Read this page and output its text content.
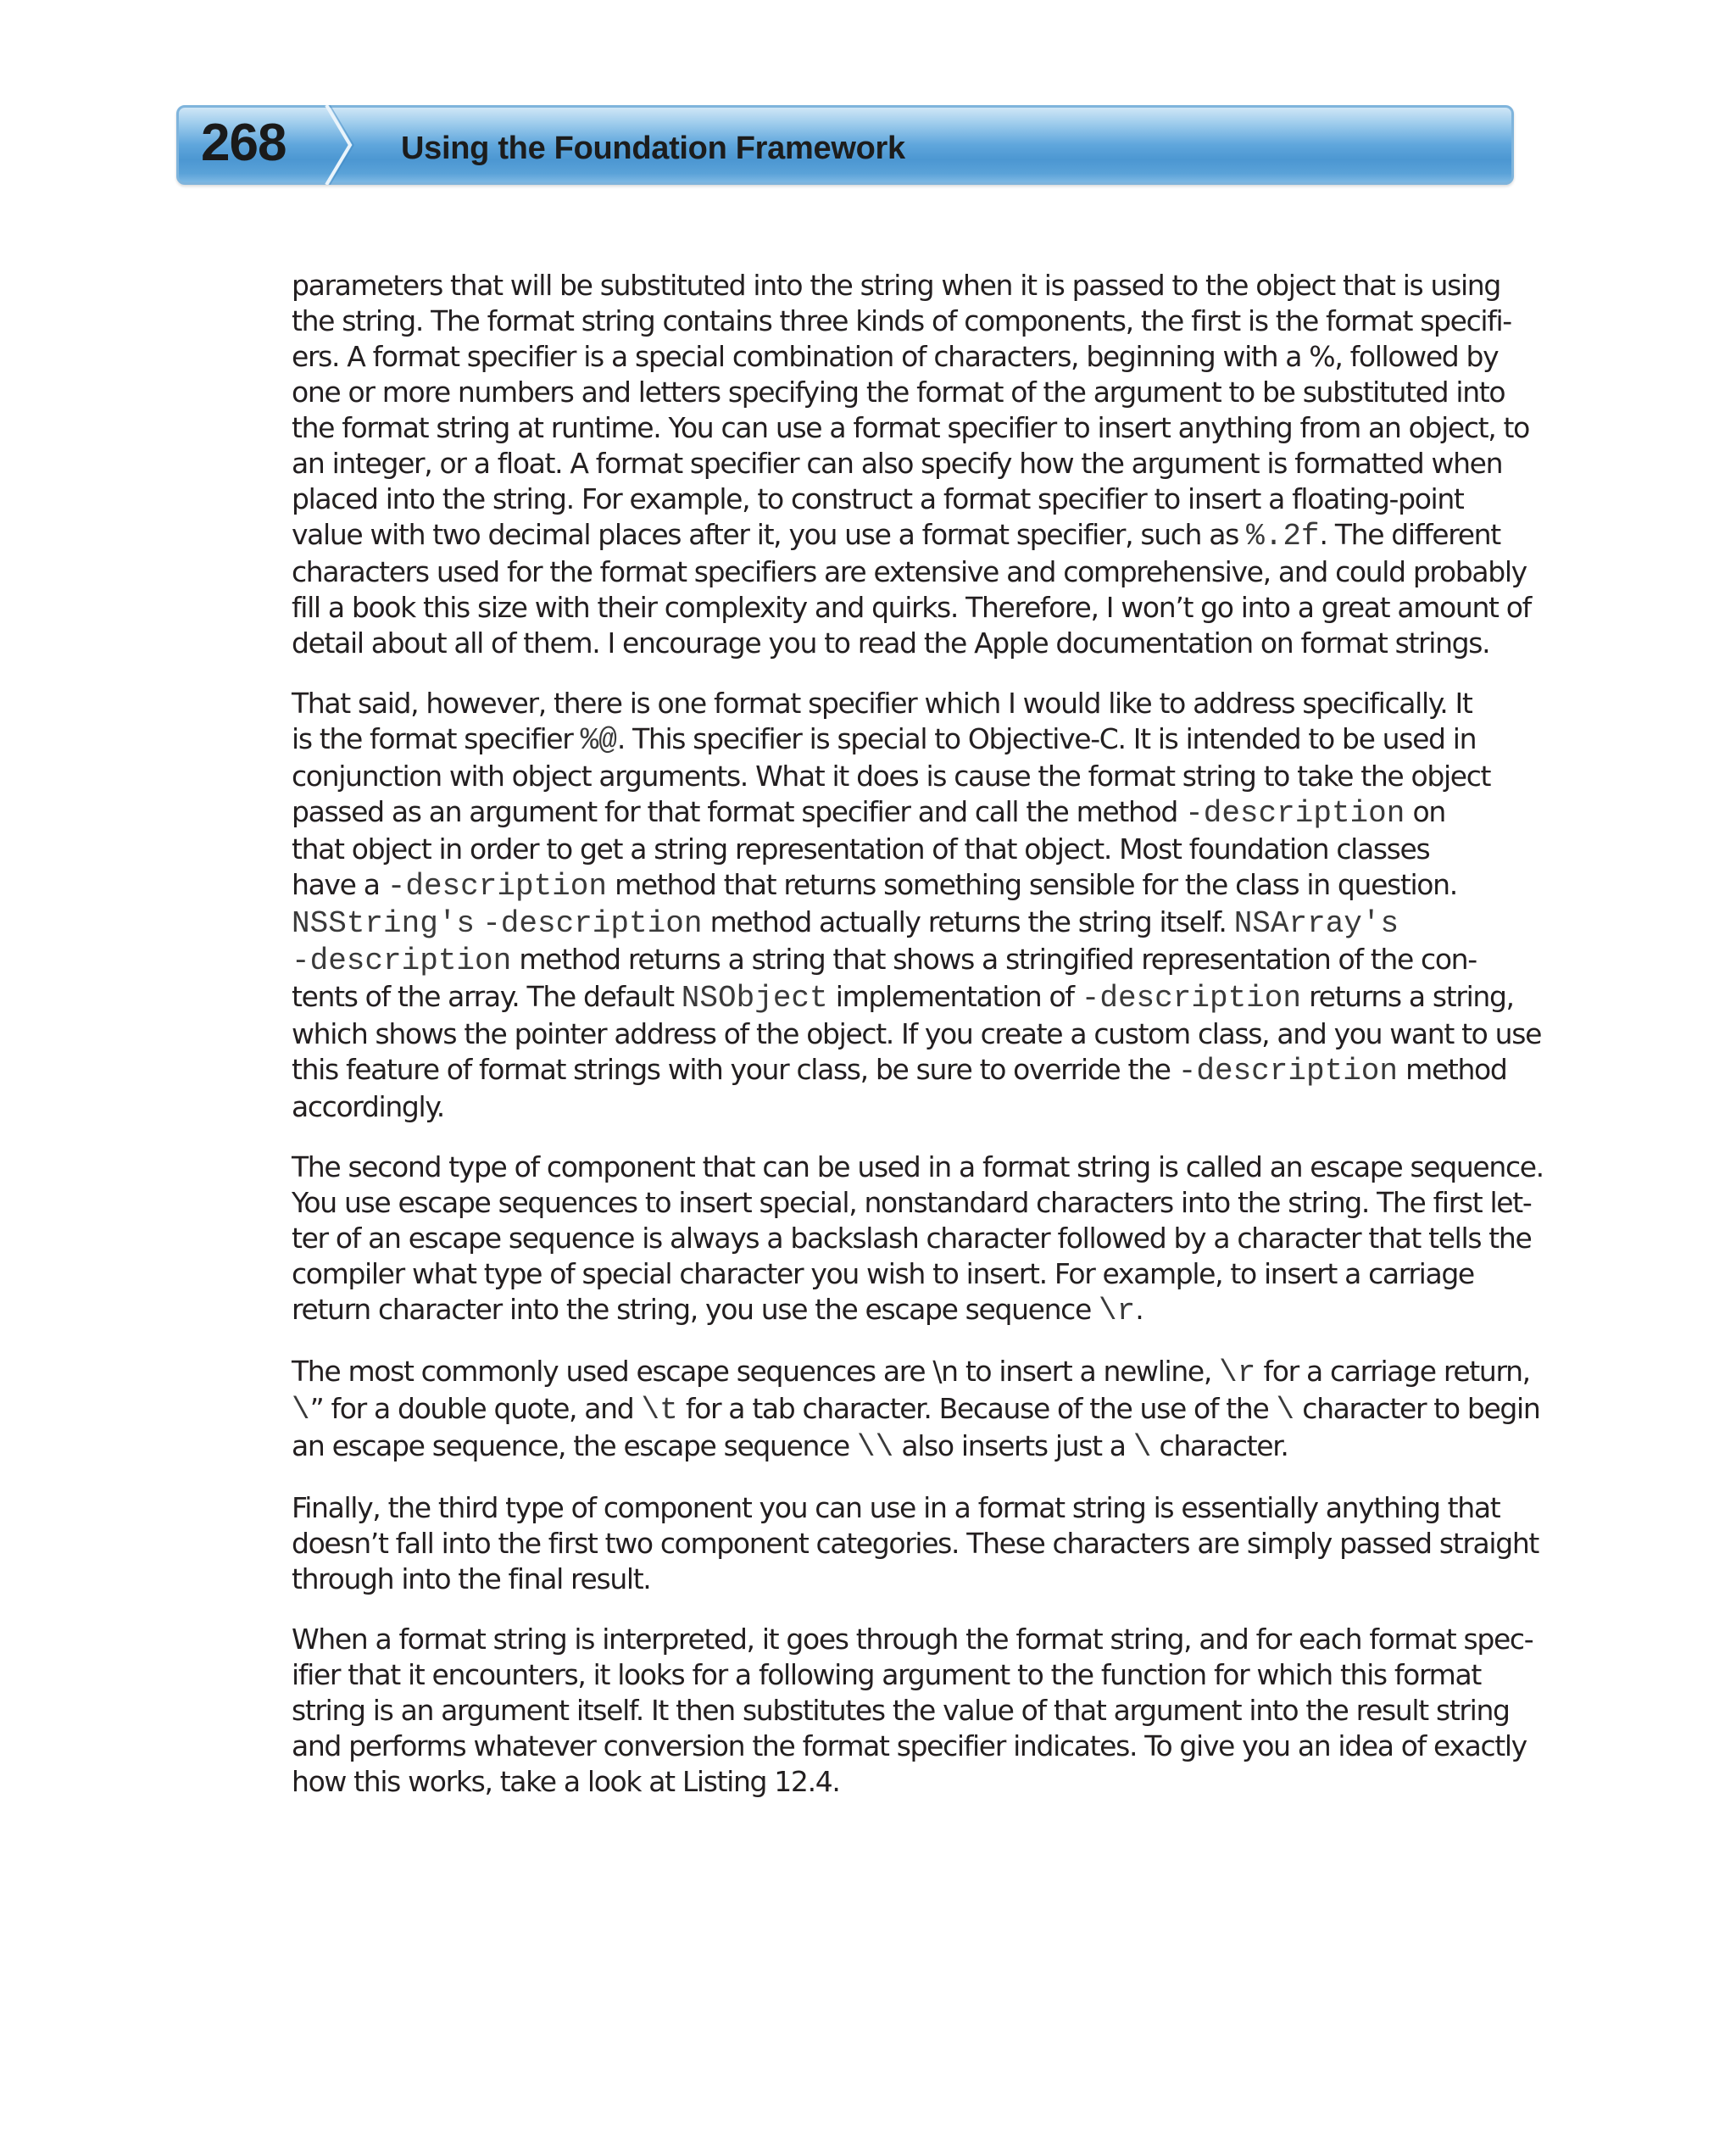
268	Using the Foundation Framework

parameters that will be substituted into the string when it is passed to the object that is using
the string. The format string contains three kinds of components, the first is the format specifi-
ers. A format specifier is a special combination of characters, beginning with a %, followed by
one or more numbers and letters specifying the format of the argument to be substituted into
the format string at runtime. You can use a format specifier to insert anything from an object, to
an integer, or a float. A format specifier can also specify how the argument is formatted when
placed into the string. For example, to construct a format specifier to insert a floating-point
value with two decimal places after it, you use a format specifier, such as %.2f. The different
characters used for the format specifiers are extensive and comprehensive, and could probably
fill a book this size with their complexity and quirks. Therefore, I won’t go into a great amount of
detail about all of them. I encourage you to read the Apple documentation on format strings.

That said, however, there is one format specifier which I would like to address specifically. It
is the format specifier %@. This specifier is special to Objective-C. It is intended to be used in
conjunction with object arguments. What it does is cause the format string to take the object
passed as an argument for that format specifier and call the method -description on
that object in order to get a string representation of that object. Most foundation classes
have a -description method that returns something sensible for the class in question.
NSString's -description method actually returns the string itself. NSArray's
-description method returns a string that shows a stringified representation of the con-
tents of the array. The default NSObject implementation of -description returns a string,
which shows the pointer address of the object. If you create a custom class, and you want to use
this feature of format strings with your class, be sure to override the -description method
accordingly.

The second type of component that can be used in a format string is called an escape sequence.
You use escape sequences to insert special, nonstandard characters into the string. The first let-
ter of an escape sequence is always a backslash character followed by a character that tells the
compiler what type of special character you wish to insert. For example, to insert a carriage
return character into the string, you use the escape sequence \r.

The most commonly used escape sequences are \n to insert a newline, \r for a carriage return,
\” for a double quote, and \t for a tab character. Because of the use of the \ character to begin
an escape sequence, the escape sequence \\ also inserts just a \ character.

Finally, the third type of component you can use in a format string is essentially anything that
doesn’t fall into the first two component categories. These characters are simply passed straight
through into the final result.

When a format string is interpreted, it goes through the format string, and for each format spec-
ifier that it encounters, it looks for a following argument to the function for which this format
string is an argument itself. It then substitutes the value of that argument into the result string
and performs whatever conversion the format specifier indicates. To give you an idea of exactly
how this works, take a look at Listing 12.4.
